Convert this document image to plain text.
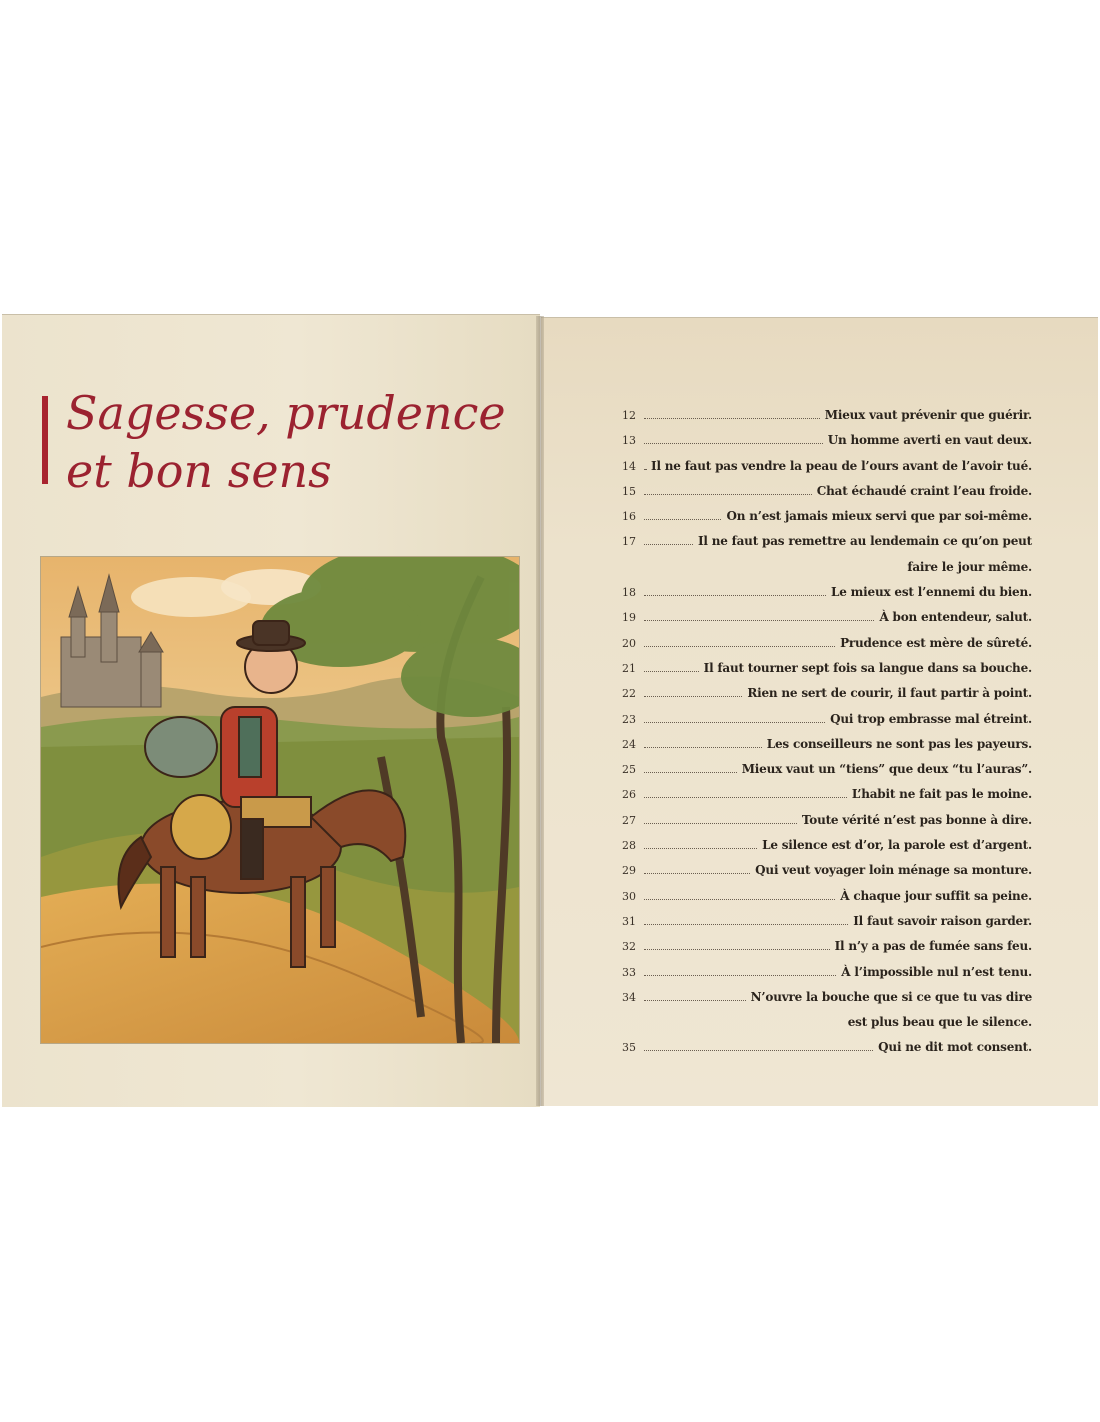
Sagesse, prudence
et bon sens
12	Mieux vaut prévenir que guérir.
13	Un homme averti en vaut deux.
14	Il ne faut pas vendre la peau de l’ours avant de l’avoir tué.
15	Chat échaudé craint l’eau froide.
16	On n’est jamais mieux servi que par soi-même.
17	Il ne faut pas remettre au lendemain ce qu’on peut
faire le jour même.
18	Le mieux est l’ennemi du bien.
19	À bon entendeur, salut.
20	Prudence est mère de sûreté.
21	Il faut tourner sept fois sa langue dans sa bouche.
22	Rien ne sert de courir, il faut partir à point.
23	Qui trop embrasse mal étreint.
24	Les conseilleurs ne sont pas les payeurs.
25	Mieux vaut un “tiens” que deux “tu l’auras”.
26	L’habit ne fait pas le moine.
27	Toute vérité n’est pas bonne à dire.
28	Le silence est d’or, la parole est d’argent.
29	Qui veut voyager loin ménage sa monture.
30	À chaque jour suffit sa peine.
31	Il faut savoir raison garder.
32	Il n’y a pas de fumée sans feu.
33	À l’impossible nul n’est tenu.
34	N’ouvre la bouche que si ce que tu vas dire
est plus beau que le silence.
35	Qui ne dit mot consent.
